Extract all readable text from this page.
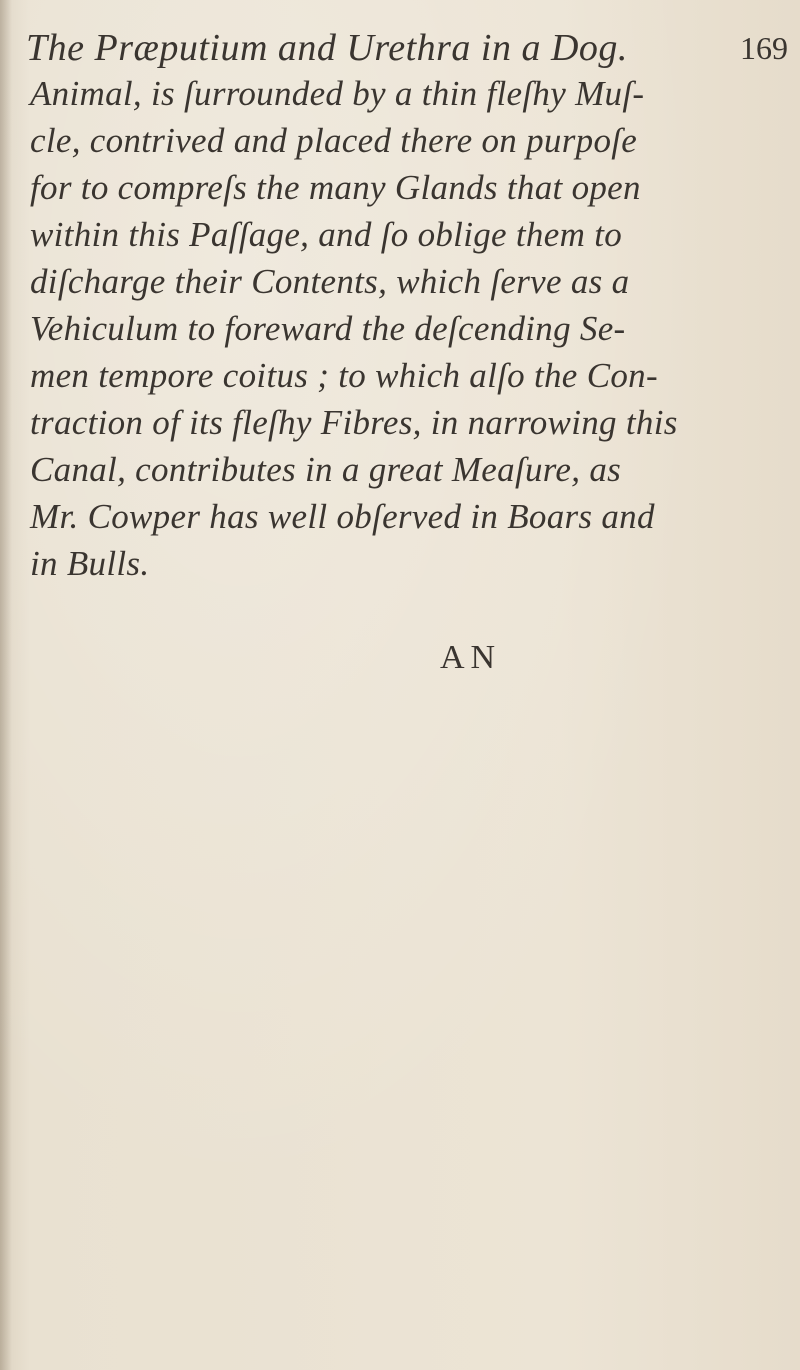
The Præputium and Urethra in a Dog.	169
Animal, is ſurrounded by a thin fleſhy Muſ-
cle, contrived and placed there on purpoſe
for to compreſs the many Glands that open
within this Paſſage, and ſo oblige them to
diſcharge their Contents, which ſerve as a
Vehiculum to foreward the deſcending Se-
men tempore coitus ; to which alſo the Con-
traction of its fleſhy Fibres, in narrowing this
Canal, contributes in a great Meaſure, as
Mr. Cowper has well obſerved in Boars and
in Bulls.
AN
